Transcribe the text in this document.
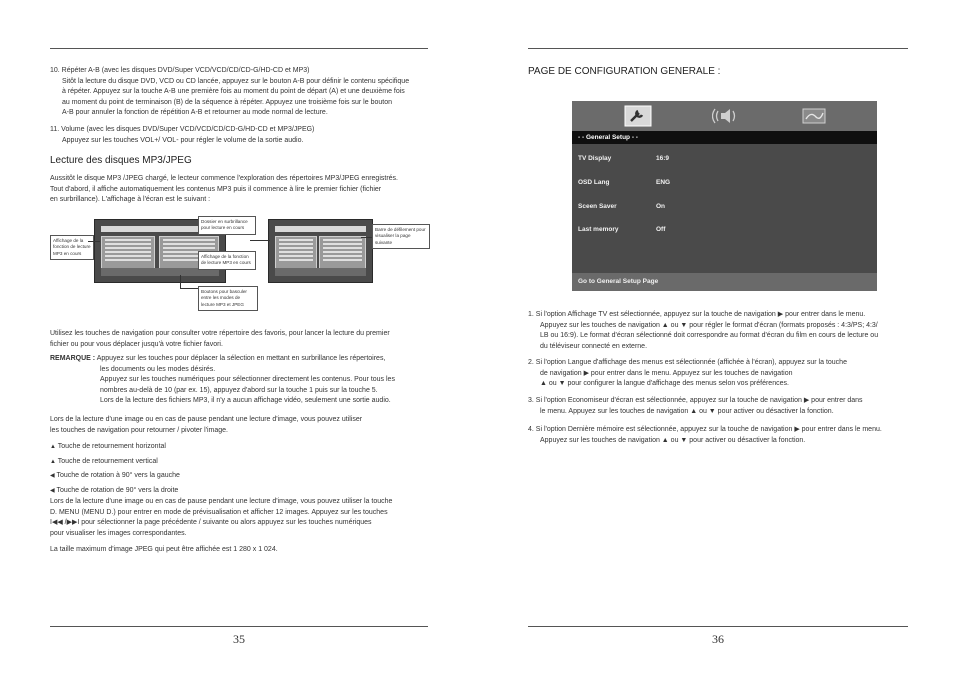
10. Répéter A-B (avec les disques DVD/Super VCD/VCD/CD/CD-G/HD-CD et MP3)
Sitôt la lecture du disque DVD, VCD ou CD lancée, appuyez sur le bouton A-B pour définir le contenu spécifique
à répéter. Appuyez sur la touche A-B une première fois au moment du point de départ (A) et une deuxième fois
au moment du point de terminaison (B) de la séquence à répéter. Appuyez une troisième fois sur le bouton
A-B pour annuler la fonction de répétition A-B et retourner au mode normal de lecture.
11. Volume (avec les disques DVD/Super VCD/VCD/CD/CD-G/HD-CD et MP3/JPEG)
Appuyez sur les touches VOL+/ VOL- pour régler le volume de la sortie audio.
Lecture des disques MP3/JPEG
Aussitôt le disque MP3 /JPEG chargé, le lecteur commence l'exploration des répertoires MP3/JPEG enregistrés.
Tout d'abord, il affiche automatiquement les contenus MP3 puis il commence à lire le premier fichier (fichier
en surbrillance). L'affichage à l'écran est le suivant :
Affichage de la fonction de lecture MP3 en cours
Dossier en surbrillance pour lecture en cours
Affichage de la fonction de lecture MP3 en cours
Barre de défilement pour visualiser la page suivante
Boutons pour basculer entre les modes de lecture MP3 et JPEG
Utilisez les touches de navigation pour consulter votre répertoire des favoris, pour lancer la lecture du premier
fichier ou pour vous déplacer jusqu'à votre fichier favori.
REMARQUE : Appuyez sur les touches pour déplacer la sélection en mettant en surbrillance les répertoires,
les documents ou les modes désirés.
Appuyez sur les touches numériques pour sélectionner directement les contenus. Pour tous les
nombres au-delà de 10 (par ex. 15), appuyez d'abord sur la touche 1 puis sur la touche 5.
Lors de la lecture des fichiers MP3, il n'y a aucun affichage vidéo, seulement une sortie audio.
Lors de la lecture d'une image ou en cas de pause pendant une lecture d'image, vous pouvez utiliser
les touches de navigation pour retourner / pivoter l'image.
▲ Touche de retournement horizontal
▲ Touche de retournement vertical
◀ Touche de rotation à 90° vers la gauche
◀ Touche de rotation de 90° vers la droite
Lors de la lecture d'une image ou en cas de pause pendant une lecture d'image, vous pouvez utiliser la touche
D. MENU (MENU D.) pour entrer en mode de prévisualisation et afficher 12 images. Appuyez sur les touches
I◀◀ /▶▶I pour sélectionner la page précédente / suivante ou alors appuyez sur les touches numériques
pour visualiser les images correspondantes.
La taille maximum d'image JPEG qui peut être affichée est 1 280 x 1 024.
35
PAGE DE CONFIGURATION GENERALE :
- - General Setup - -
TV Display	16:9
OSD Lang	ENG
Sceen Saver	On
Last memory	Off
Go to General Setup Page
1. Si l'option Affichage TV est sélectionnée, appuyez sur la touche de navigation ▶ pour entrer dans le menu.
Appuyez sur les touches de navigation ▲ ou ▼ pour régler le format d'écran (formats proposés : 4:3/PS; 4:3/
LB ou 16:9). Le format d'écran sélectionné doit correspondre au format d'écran du film en cours de lecture ou
du téléviseur connecté en externe.
2. Si l'option Langue d'affichage des menus est sélectionnée (affichée à l'écran), appuyez sur la touche
de navigation ▶ pour entrer dans le menu. Appuyez sur les touches de navigation
▲ ou ▼ pour configurer la langue d'affichage des menus selon vos préférences.
3. Si l'option Economiseur d'écran est sélectionnée, appuyez sur la touche de navigation ▶ pour entrer dans
le menu. Appuyez sur les touches de navigation ▲ ou ▼ pour activer ou désactiver la fonction.
4. Si l'option Dernière mémoire est sélectionnée, appuyez sur la touche de navigation ▶ pour entrer dans le menu.
Appuyez sur les touches de navigation ▲ ou ▼ pour activer ou désactiver la fonction.
36
